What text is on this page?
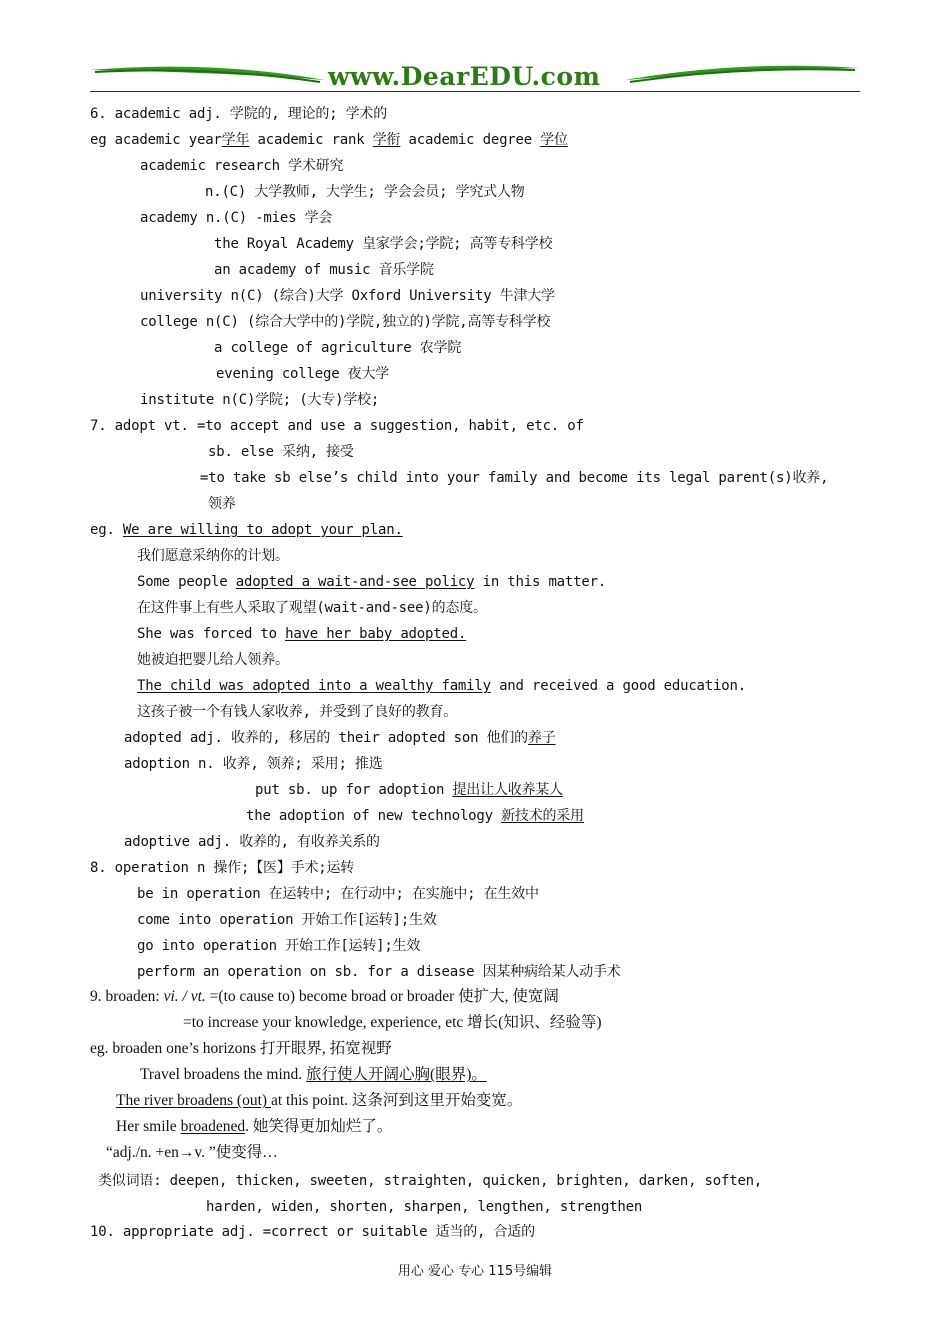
www.DearEDU.com
6. academic adj. 学院的, 理论的; 学术的
eg academic year学年 academic rank 学衔 academic degree 学位
academic research 学术研究
n.(C) 大学教师, 大学生; 学会会员; 学究式人物
academy n.(C) -mies 学会
the Royal Academy 皇家学会;学院; 高等专科学校
an academy of music 音乐学院
university n(C) (综合)大学 Oxford University 牛津大学
college n(C) (综合大学中的)学院,独立的)学院,高等专科学校
a college of agriculture 农学院
evening college 夜大学
institute n(C)学院; (大专)学校;
7. adopt vt. =to accept and use a suggestion, habit, etc. of
sb. else 采纳, 接受
=to take sb else’s child into your family and become its legal parent(s)收养,
领养
eg. We are willing to adopt your plan.
我们愿意采纳你的计划。
Some people adopted a wait-and-see policy in this matter.
在这件事上有些人采取了观望(wait-and-see)的态度。
She was forced to have her baby adopted.
她被迫把婴儿给人领养。
The child was adopted into a wealthy family and received a good education.
这孩子被一个有钱人家收养, 并受到了良好的教育。
adopted adj. 收养的, 移居的 their adopted son 他们的养子
adoption n. 收养, 领养; 采用; 推选
put sb. up for adoption 提出让人收养某人
the adoption of new technology 新技术的采用
adoptive adj. 收养的, 有收养关系的
8. operation n 操作;【医】手术;运转
be in operation 在运转中; 在行动中; 在实施中; 在生效中
come into operation 开始工作[运转];生效
go into operation 开始工作[运转];生效
perform an operation on sb. for a disease 因某种病给某人动手术
9. broaden: vi. / vt. =(to cause to) become broad or broader 使扩大, 使宽阔
=to increase your knowledge, experience, etc 增长(知识、经验等)
eg. broaden one’s horizons 打开眼界, 拓宽视野
Travel broadens the mind. 旅行使人开阔心胸(眼界)。
The river broadens (out) at this point. 这条河到这里开始变宽。
Her smile broadened. 她笑得更加灿烂了。
“adj./n. +en→v. ”使变得…
类似词语: deepen, thicken, sweeten, straighten, quicken, brighten, darken, soften,
harden, widen, shorten, sharpen, lengthen, strengthen
10. appropriate adj. =correct or suitable 适当的, 合适的
用心 爱心 专心 115号编辑
